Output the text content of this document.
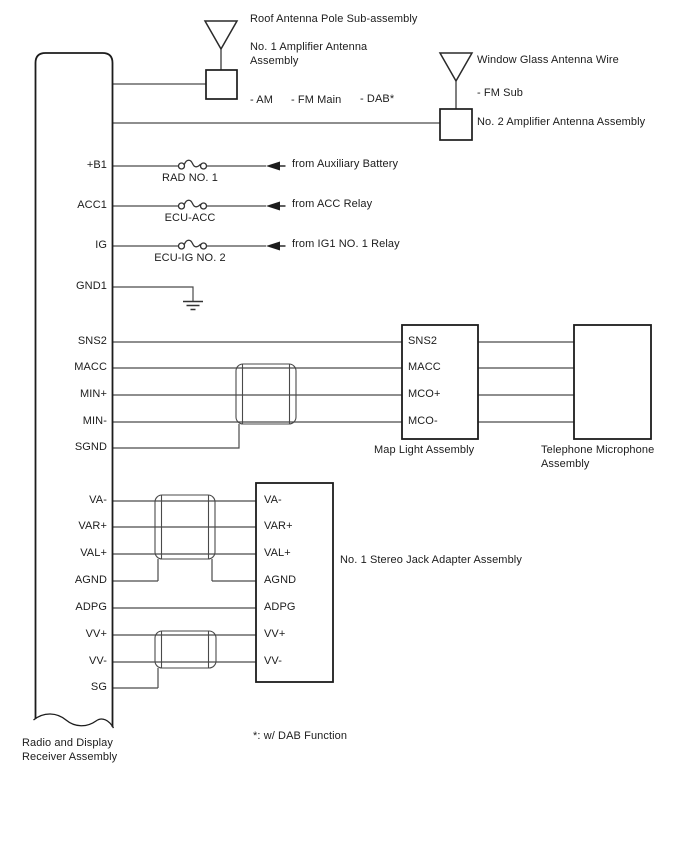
Roof Antenna Pole Sub-assembly
No. 1 Amplifier Antenna Assembly
- AM - FM Main - DAB*
Window Glass Antenna Wire
- FM Sub
No. 2 Amplifier Antenna Assembly
from Auxiliary Battery
RAD NO. 1
from ACC Relay
ECU-ACC
from IG1 NO. 1 Relay
ECU-IG NO. 2
+B1
ACC1
IG
GND1
SNS2
MACC
MIN+
MIN-
SGND
VA-
VAR+
VAL+
AGND
ADPG
VV+
VV-
SG
SNS2
MACC
MCO+
MCO-
Map Light Assembly	Telephone Microphone Assembly
VA-
VAR+
VAL+
AGND
ADPG
VV+
VV-
No. 1 Stereo Jack Adapter Assembly
*: w/ DAB Function
Radio and Display Receiver Assembly
